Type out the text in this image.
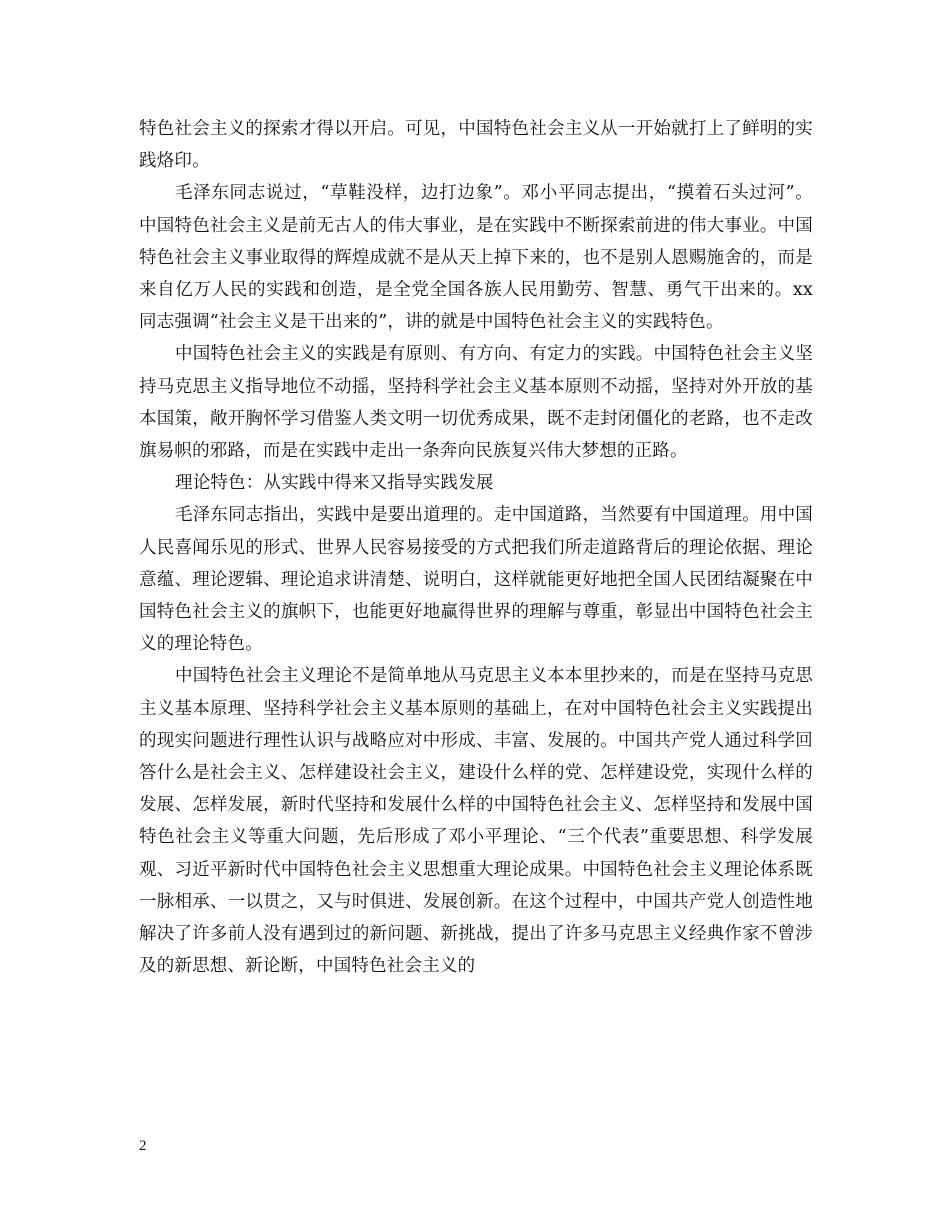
特色社会主义的探索才得以开启。可见，中国特色社会主义从一开始就打上了鲜明的实践烙印。

毛泽东同志说过，“草鞋没样，边打边象”。邓小平同志提出，“摸着石头过河”。中国特色社会主义是前无古人的伟大事业，是在实践中不断探索前进的伟大事业。中国特色社会主义事业取得的辉煌成就不是从天上掉下来的，也不是别人恩赐施舍的，而是来自亿万人民的实践和创造，是全党全国各族人民用勤劳、智慧、勇气干出来的。xx 同志强调“社会主义是干出来的”，讲的就是中国特色社会主义的实践特色。

中国特色社会主义的实践是有原则、有方向、有定力的实践。中国特色社会主义坚持马克思主义指导地位不动摇，坚持科学社会主义基本原则不动摇，坚持对外开放的基本国策，敞开胸怀学习借鉴人类文明一切优秀成果，既不走封闭僵化的老路，也不走改旗易帜的邪路，而是在实践中走出一条奔向民族复兴伟大梦想的正路。

理论特色：从实践中得来又指导实践发展

毛泽东同志指出，实践中是要出道理的。走中国道路，当然要有中国道理。用中国人民喜闻乐见的形式、世界人民容易接受的方式把我们所走道路背后的理论依据、理论意蕴、理论逻辑、理论追求讲清楚、说明白，这样就能更好地把全国人民团结凝聚在中国特色社会主义的旗帜下，也能更好地赢得世界的理解与尊重，彰显出中国特色社会主义的理论特色。

中国特色社会主义理论不是简单地从马克思主义本本里抄来的，而是在坚持马克思主义基本原理、坚持科学社会主义基本原则的基础上，在对中国特色社会主义实践提出的现实问题进行理性认识与战略应对中形成、丰富、发展的。中国共产党人通过科学回答什么是社会主义、怎样建设社会主义，建设什么样的党、怎样建设党，实现什么样的发展、怎样发展，新时代坚持和发展什么样的中国特色社会主义、怎样坚持和发展中国特色社会主义等重大问题，先后形成了邓小平理论、“三个代表”重要思想、科学发展观、习近平新时代中国特色社会主义思想重大理论成果。中国特色社会主义理论体系既一脉相承、一以贯之，又与时俱进、发展创新。在这个过程中，中国共产党人创造性地解决了许多前人没有遇到过的新问题、新挑战，提出了许多马克思主义经典作家不曾涉及的新思想、新论断，中国特色社会主义的

2
